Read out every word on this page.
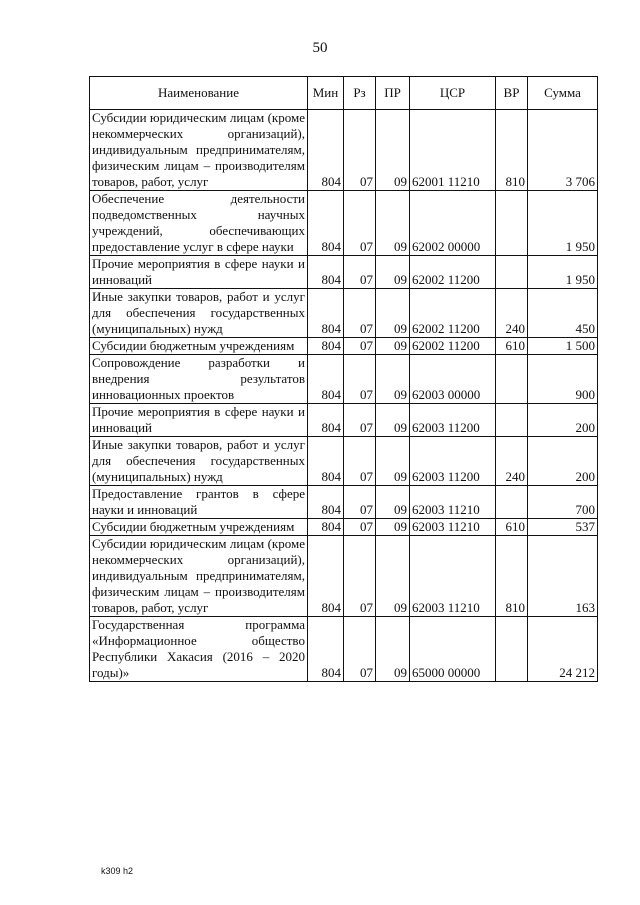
50
Наименование	Мин	Рз	ПР	ЦСР	ВР	Сумма
Субсидии юридическим лицам (кроме некоммерческих организаций), индивидуальным предпринимателям, физическим лицам – производителям товаров, работ, услуг	804	07	09	62001 11210	810	3 706
Обеспечение деятельности подведомственных научных учреждений, обеспечивающих предоставление услуг в сфере науки	804	07	09	62002 00000		1 950
Прочие мероприятия в сфере науки и инноваций	804	07	09	62002 11200		1 950
Иные закупки товаров, работ и услуг для обеспечения государственных (муниципальных) нужд	804	07	09	62002 11200	240	450
Субсидии бюджетным учреждениям	804	07	09	62002 11200	610	1 500
Сопровождение разработки и внедрения результатов инновационных проектов	804	07	09	62003 00000		900
Прочие мероприятия в сфере науки и инноваций	804	07	09	62003 11200		200
Иные закупки товаров, работ и услуг для обеспечения государственных (муниципальных) нужд	804	07	09	62003 11200	240	200
Предоставление грантов в сфере науки и инноваций	804	07	09	62003 11210		700
Субсидии бюджетным учреждениям	804	07	09	62003 11210	610	537
Субсидии юридическим лицам (кроме некоммерческих организаций), индивидуальным предпринимателям, физическим лицам – производителям товаров, работ, услуг	804	07	09	62003 11210	810	163
Государственная программа «Информационное общество Республики Хакасия (2016 – 2020 годы)»	804	07	09	65000 00000		24 212
k309 h2
